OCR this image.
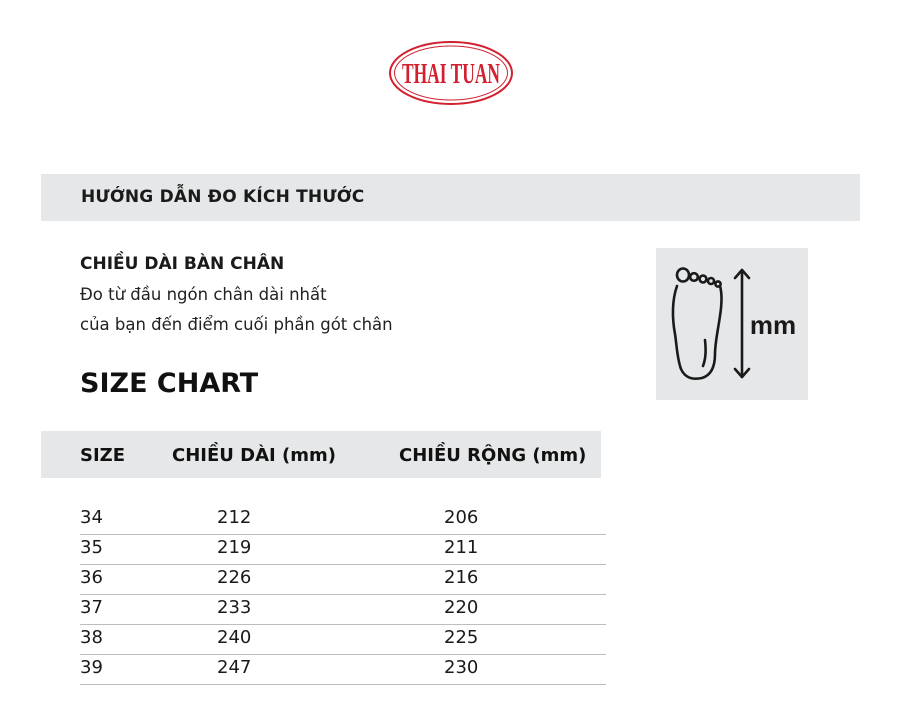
THAI TUAN
HƯỚNG DẪN ĐO KÍCH THƯỚC
CHIỀU DÀI BÀN CHÂN
Đo từ đầu ngón chân dài nhất
của bạn đến điểm cuối phần gót chân	mm
SIZE CHART
SIZE	CHIỀU DÀI (mm)	CHIỀU RỘNG (mm)
34	212	206
35	219	211
36	226	216
37	233	220
38	240	225
39	247	230
